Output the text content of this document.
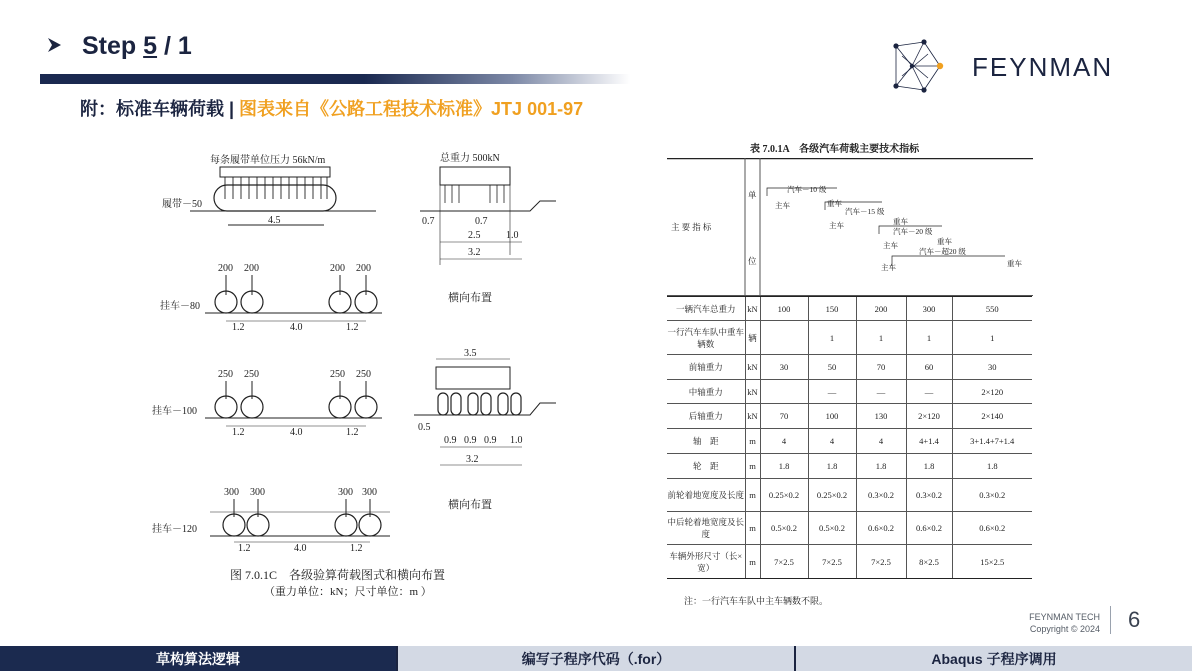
Step 5 / 1
附：标准车辆荷载 | 图表来自《公路工程技术标准》JTJ 001-97
FEYNMAN
每条履带单位压力 56kN/m
履带－50
4.5
总重力 500kN
0.7	0.7
2.5	1.0
3.2
200 200	200 200
挂车－80
1.2	4.0	1.2
横向布置
250 250	250 250
挂车－100
1.2	4.0	1.2
3.5
0.5
0.9 0.9 0.9 1.0
3.2
横向布置
300 300	300 300
挂车－120
1.2	4.0	1.2
图 7.0.1C　各级验算荷载图式和横向布置
（重力单位：kN；尺寸单位：m ）
表 7.0.1A　各级汽车荷载主要技术指标
主 要 指 标
单
位
汽车－10 级
主车	重车
汽车－15 级
主车	重车
汽车－20 级
主车	重车
汽车－超20 级
主车	重车
一辆汽车总重力	kN	100	150	200	300	550
一行汽车车队中重车辆数	辆		1	1	1	1
前轴重力	kN	30	50	70	60	30
中轴重力	kN		—	—	—	2×120
后轴重力	kN	70	100	130	2×120	2×140
轴　距	m	4	4	4	4+1.4	3+1.4+7+1.4
轮　距	m	1.8	1.8	1.8	1.8	1.8
前轮着地宽度及长度	m	0.25×0.2	0.25×0.2	0.3×0.2	0.3×0.2	0.3×0.2
中后轮着地宽度及长度	m	0.5×0.2	0.5×0.2	0.6×0.2	0.6×0.2	0.6×0.2
车辆外形尺寸（长×宽）	m	7×2.5	7×2.5	7×2.5	8×2.5	15×2.5
注：一行汽车车队中主车辆数不限。
FEYNMAN TECH
Copyright © 2024 6
草构算法逻辑	编写子程序代码（.for）	Abaqus 子程序调用
